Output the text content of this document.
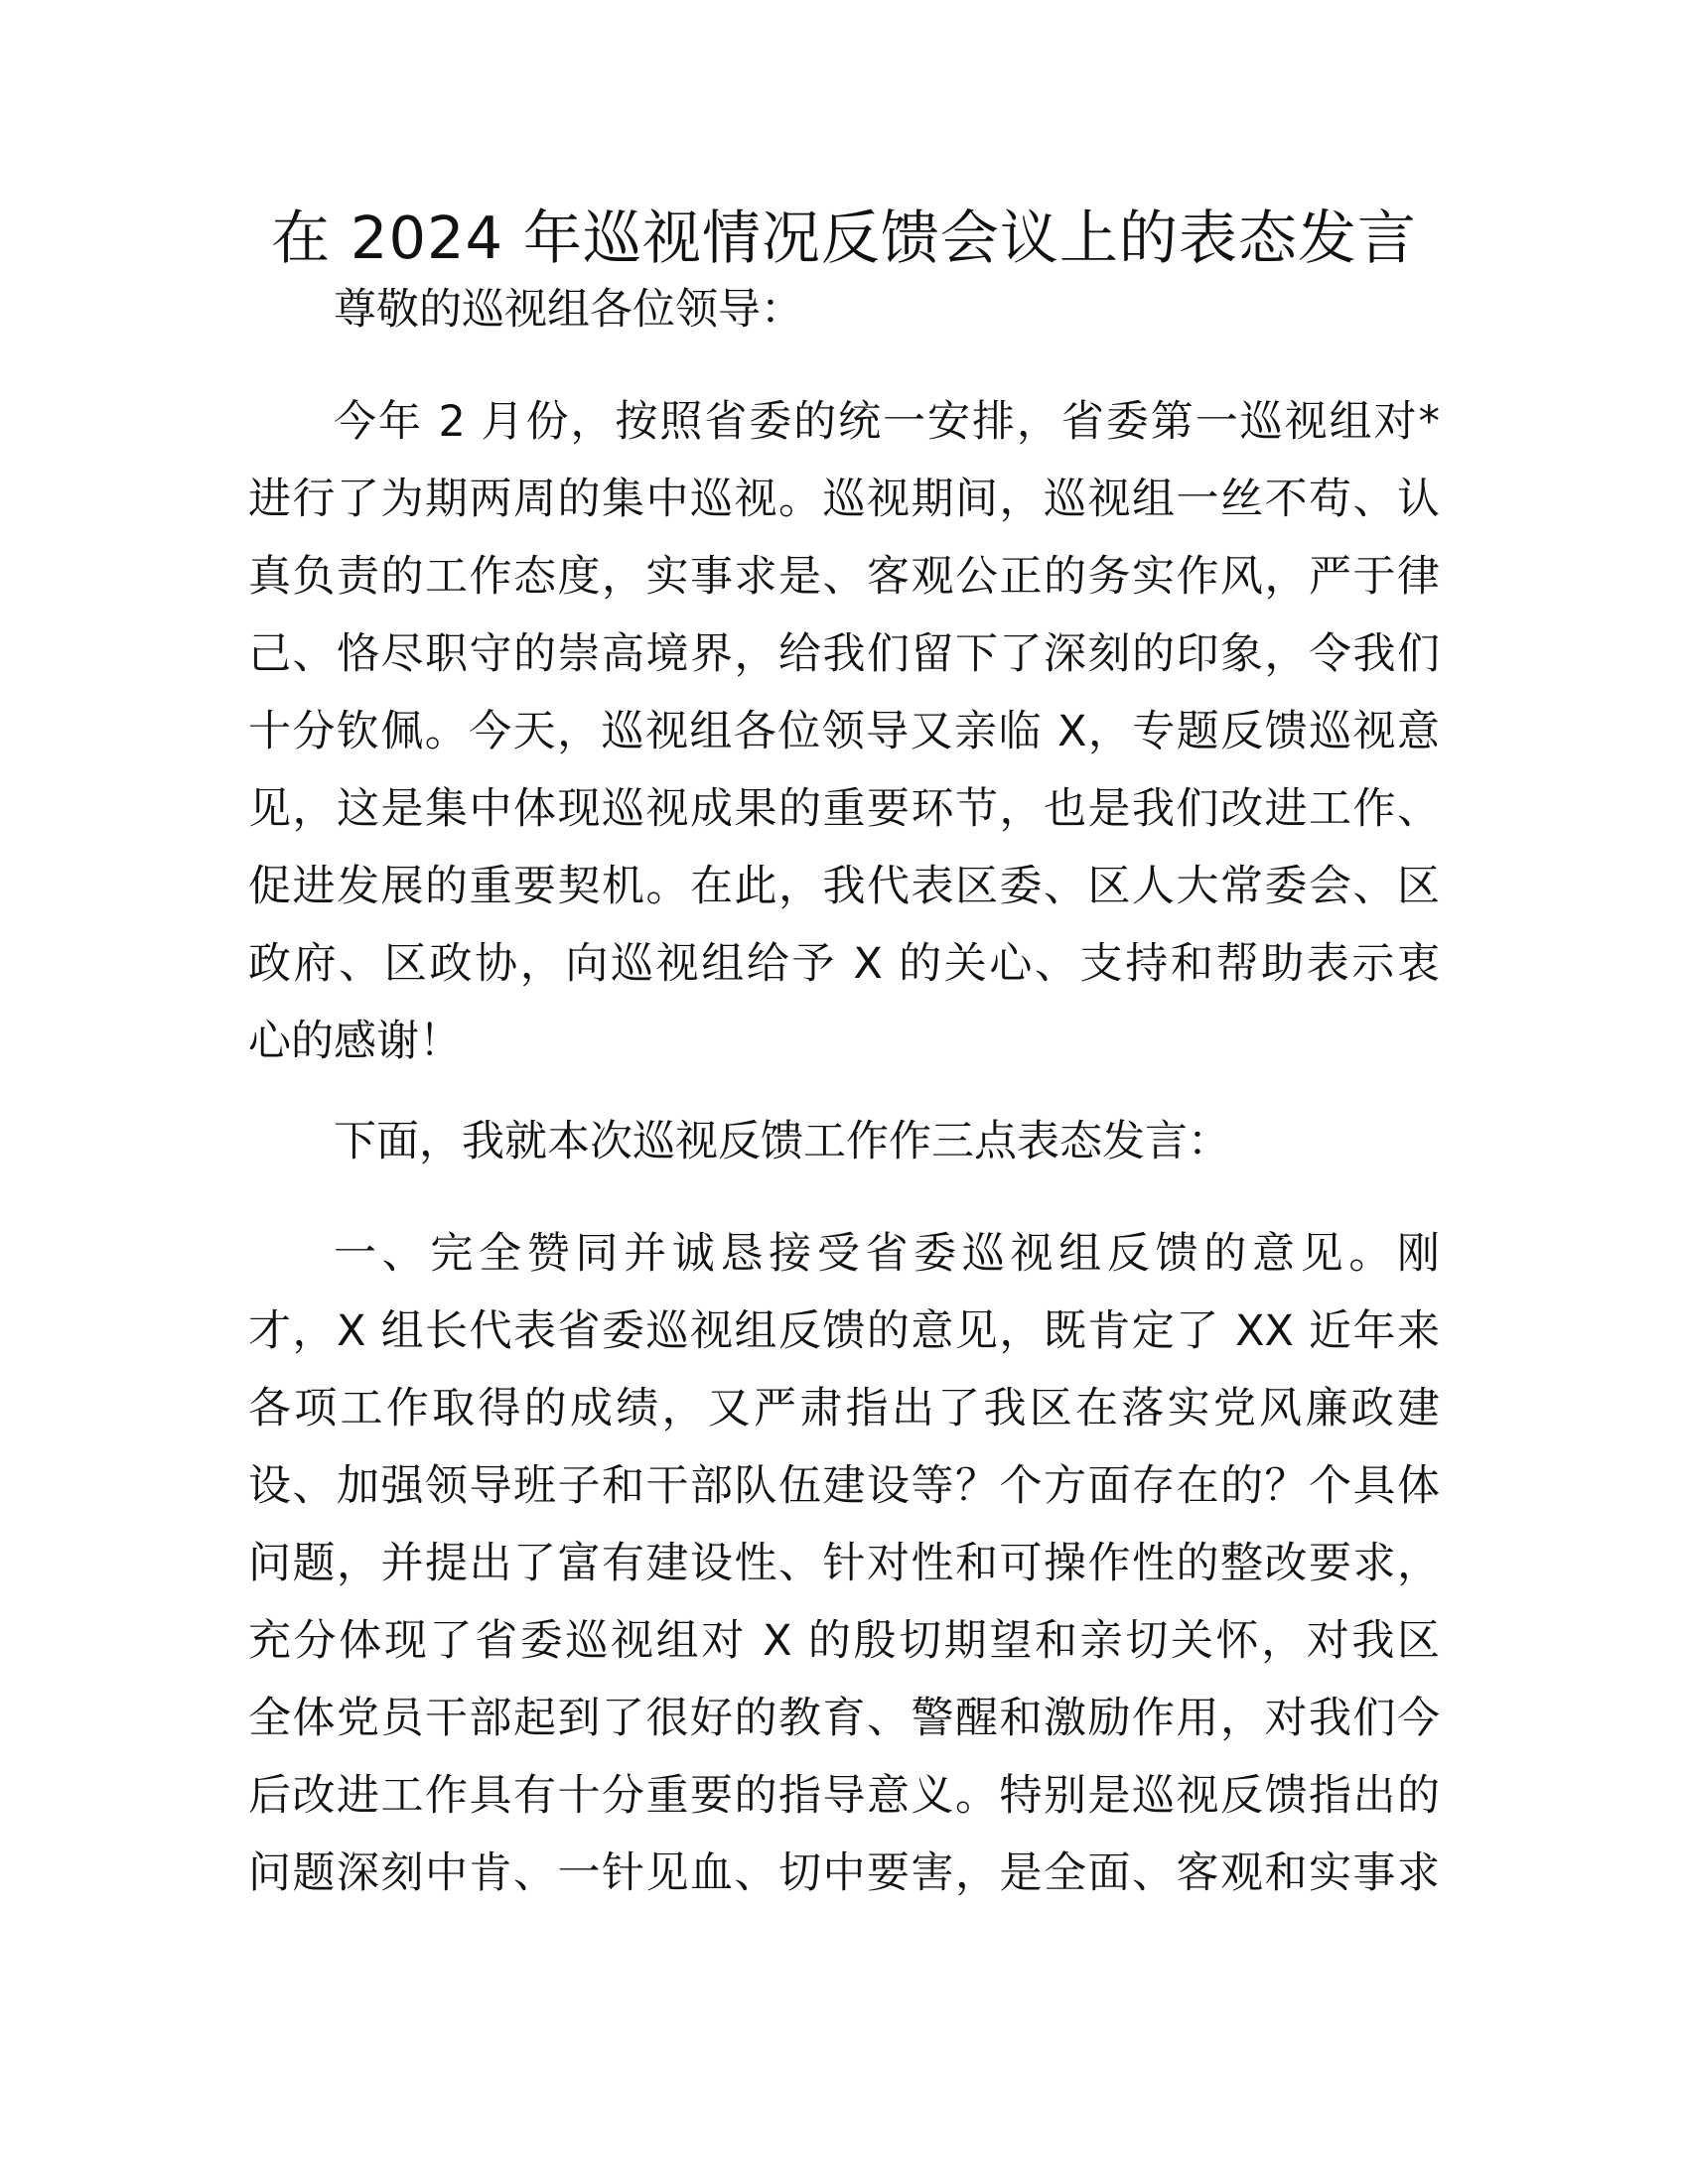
在 2024 年巡视情况反馈会议上的表态发言
尊敬的巡视组各位领导：
今年 2 月份，按照省委的统一安排，省委第一巡视组对*
进行了为期两周的集中巡视。巡视期间，巡视组一丝不苟、认
真负责的工作态度，实事求是、客观公正的务实作风，严于律
己、恪尽职守的崇高境界，给我们留下了深刻的印象，令我们
十分钦佩。今天，巡视组各位领导又亲临 X，专题反馈巡视意
见，这是集中体现巡视成果的重要环节，也是我们改进工作、
促进发展的重要契机。在此，我代表区委、区人大常委会、区
政府、区政协，向巡视组给予 X 的关心、支持和帮助表示衷
心的感谢！
下面，我就本次巡视反馈工作作三点表态发言：
一、完全赞同并诚恳接受省委巡视组反馈的意见。刚
才，X 组长代表省委巡视组反馈的意见，既肯定了 XX 近年来
各项工作取得的成绩，又严肃指出了我区在落实党风廉政建
设、加强领导班子和干部队伍建设等？个方面存在的？个具体
问题，并提出了富有建设性、针对性和可操作性的整改要求，
充分体现了省委巡视组对 X 的殷切期望和亲切关怀，对我区
全体党员干部起到了很好的教育、警醒和激励作用，对我们今
后改进工作具有十分重要的指导意义。特别是巡视反馈指出的
问题深刻中肯、一针见血、切中要害，是全面、客观和实事求
